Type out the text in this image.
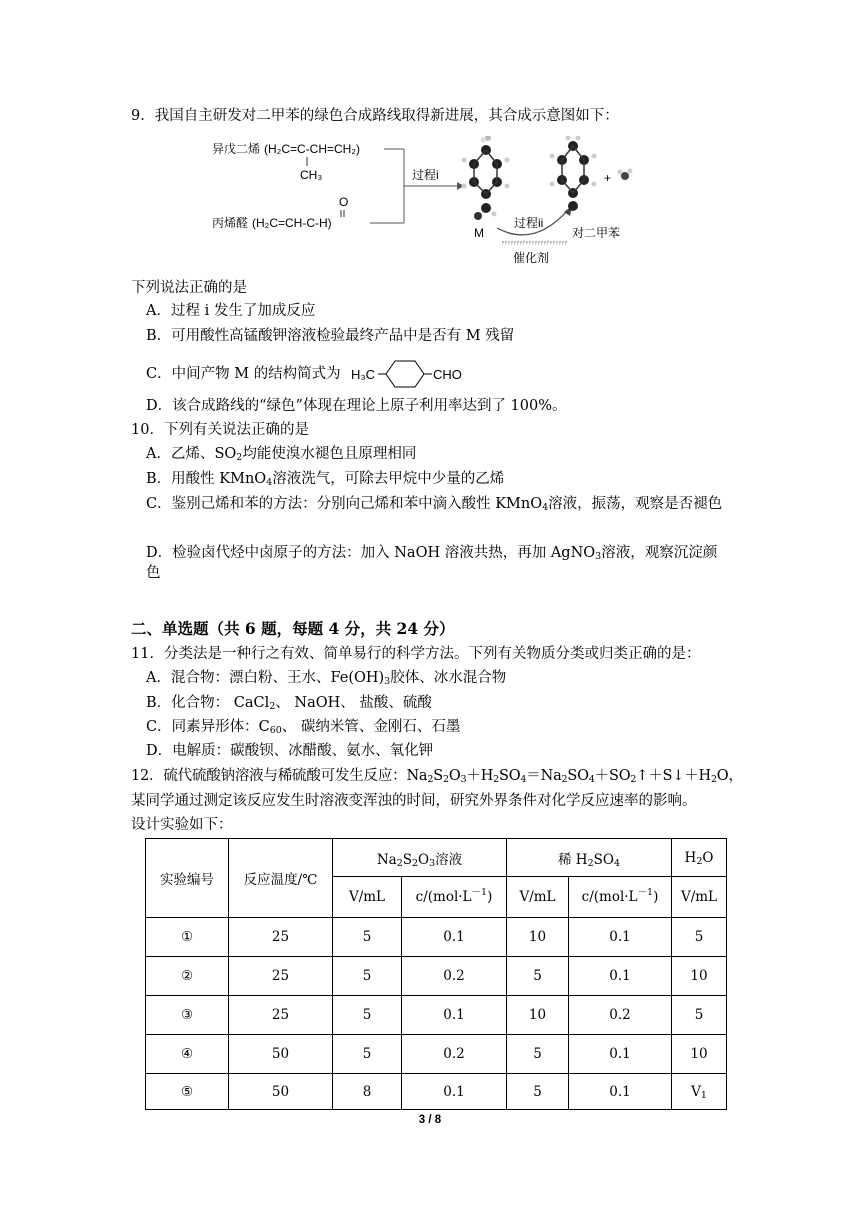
9．我国自主研发对二甲苯的绿色合成路线取得新进展，其合成示意图如下：
异戊二烯 (H₂C=C-CH=CH₂)
CH₃
丙烯醛 (H₂C=CH-C-H)
O
过程i
M
过程ii
催化剂
对二甲苯
+
下列说法正确的是
A．过程 i 发生了加成反应
B．可用酸性高锰酸钾溶液检验最终产品中是否有 M 残留
C．中间产物 M 的结构简式为 H₃C	CHO
D．该合成路线的“绿色”体现在理论上原子利用率达到了 100%。
10．下列有关说法正确的是
A．乙烯、$SO_2$均能使溴水褪色且原理相同
B．用酸性 KMnO$_4$溶液洗气，可除去甲烷中少量的乙烯
C．鉴别己烯和苯的方法：分别向己烯和苯中滴入酸性 KMnO$_4$溶液，振荡，观察是否褪色
D．检验卤代烃中卤原子的方法：加入 NaOH 溶液共热，再加 AgNO$_3$溶液，观察沉淀颜色
二、单选题（共 6 题，每题 4 分，共 24 分）
11．分类法是一种行之有效、简单易行的科学方法。下列有关物质分类或归类正确的是：
A．混合物：漂白粉、王水、$Fe(OH)_3$胶体、冰水混合物
B．化合物： CaCl$_2$、 NaOH、 盐酸、硫酸
C．同素异形体：$C_{60}$、 碳纳米管、金刚石、石墨
D．电解质：碳酸钡、冰醋酸、氨水、氧化钾
12．硫代硫酸钠溶液与稀硫酸可发生反应：$Na_2S_2O_3+H_2SO_4=Na_2SO_4+SO_2↑+S↓+H_2O$，
某同学通过测定该反应发生时溶液变浑浊的时间，研究外界条件对化学反应速率的影响。
设计实验如下：
实验编号	反应温度/℃	$Na_2S_2O_3$溶液		稀 $H_2SO_4$		$H_2O$
		V/mL	$c/(mol\cdot L^{-1})$	V/mL	$c/(mol\cdot L^{-1})$	V/mL
①	25	5	0.1	10	0.1	5
②	25	5	0.2	5	0.1	10
③	25	5	0.1	10	0.2	5
④	50	5	0.2	5	0.1	10
⑤	50	8	0.1	5	0.1	$V_1$
3 / 8
